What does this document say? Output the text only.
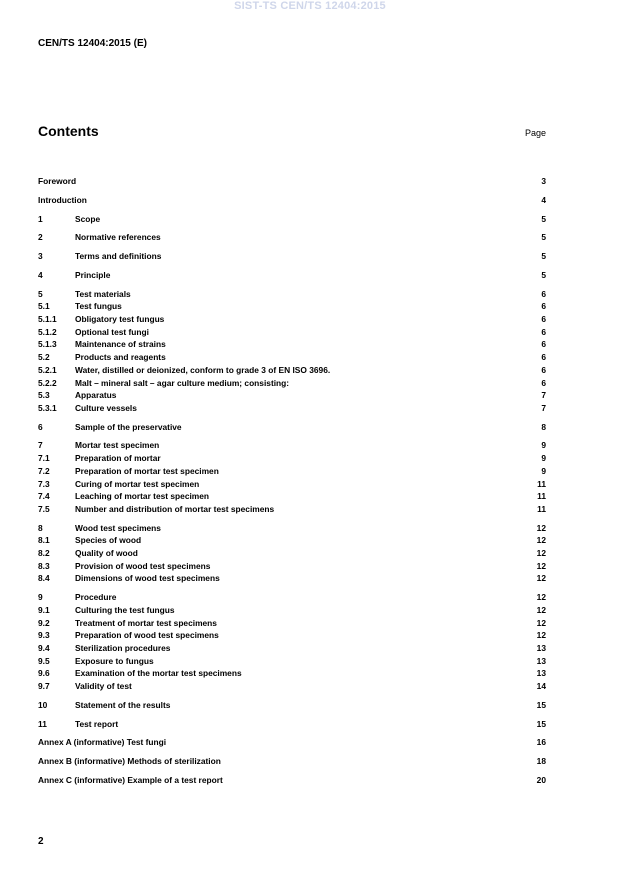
SIST-TS CEN/TS 12404:2015
CEN/TS 12404:2015 (E)
Contents	Page
Foreword	3
Introduction	4
1	Scope	5
2	Normative references	5
3	Terms and definitions	5
4	Principle	5
5	Test materials	6
5.1	Test fungus	6
5.1.1	Obligatory test fungus	6
5.1.2	Optional test fungi	6
5.1.3	Maintenance of strains	6
5.2	Products and reagents	6
5.2.1	Water, distilled or deionized, conform to grade 3 of EN ISO 3696.	6
5.2.2	Malt – mineral salt – agar culture medium; consisting:	6
5.3	Apparatus	7
5.3.1	Culture vessels	7
6	Sample of the preservative	8
7	Mortar test specimen	9
7.1	Preparation of mortar	9
7.2	Preparation of mortar test specimen	9
7.3	Curing of mortar test specimen	11
7.4	Leaching of mortar test specimen	11
7.5	Number and distribution of mortar test specimens	11
8	Wood test specimens	12
8.1	Species of wood	12
8.2	Quality of wood	12
8.3	Provision of wood test specimens	12
8.4	Dimensions of wood test specimens	12
9	Procedure	12
9.1	Culturing the test fungus	12
9.2	Treatment of mortar test specimens	12
9.3	Preparation of wood test specimens	12
9.4	Sterilization procedures	13
9.5	Exposure to fungus	13
9.6	Examination of the mortar test specimens	13
9.7	Validity of test	14
10	Statement of the results	15
11	Test report	15
Annex A (informative) Test fungi	16
Annex B (informative) Methods of sterilization	18
Annex C (informative) Example of a test report	20
2
